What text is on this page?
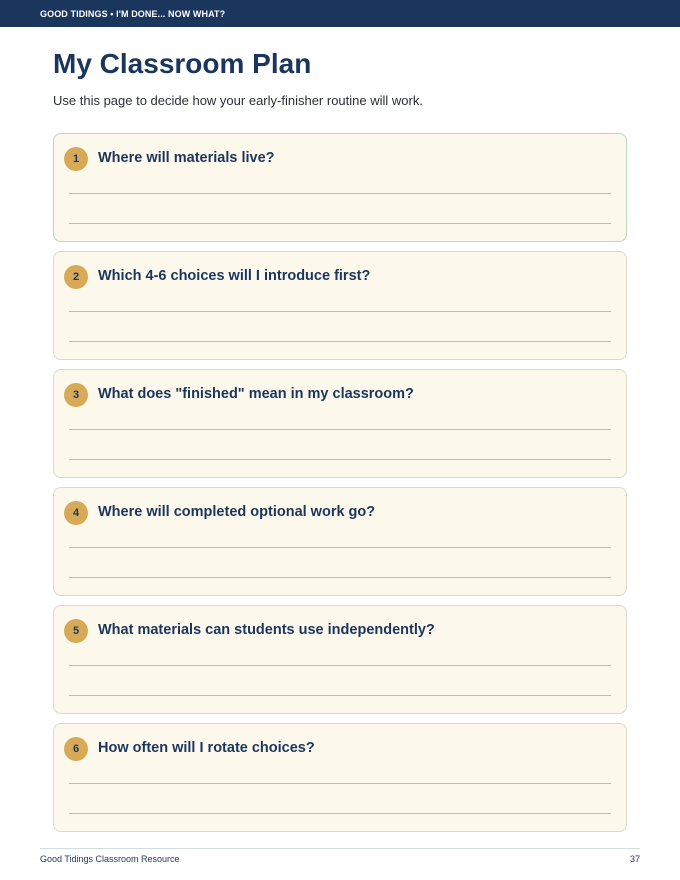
GOOD TIDINGS • I'M DONE... NOW WHAT?
My Classroom Plan

Use this page to decide how your early-finisher routine will work.

1	Where will materials live?
2	Which 4-6 choices will I introduce first?
3	What does "finished" mean in my classroom?
4	Where will completed optional work go?
5	What materials can students use independently?
6	How often will I rotate choices?
Good Tidings Classroom Resource	37
